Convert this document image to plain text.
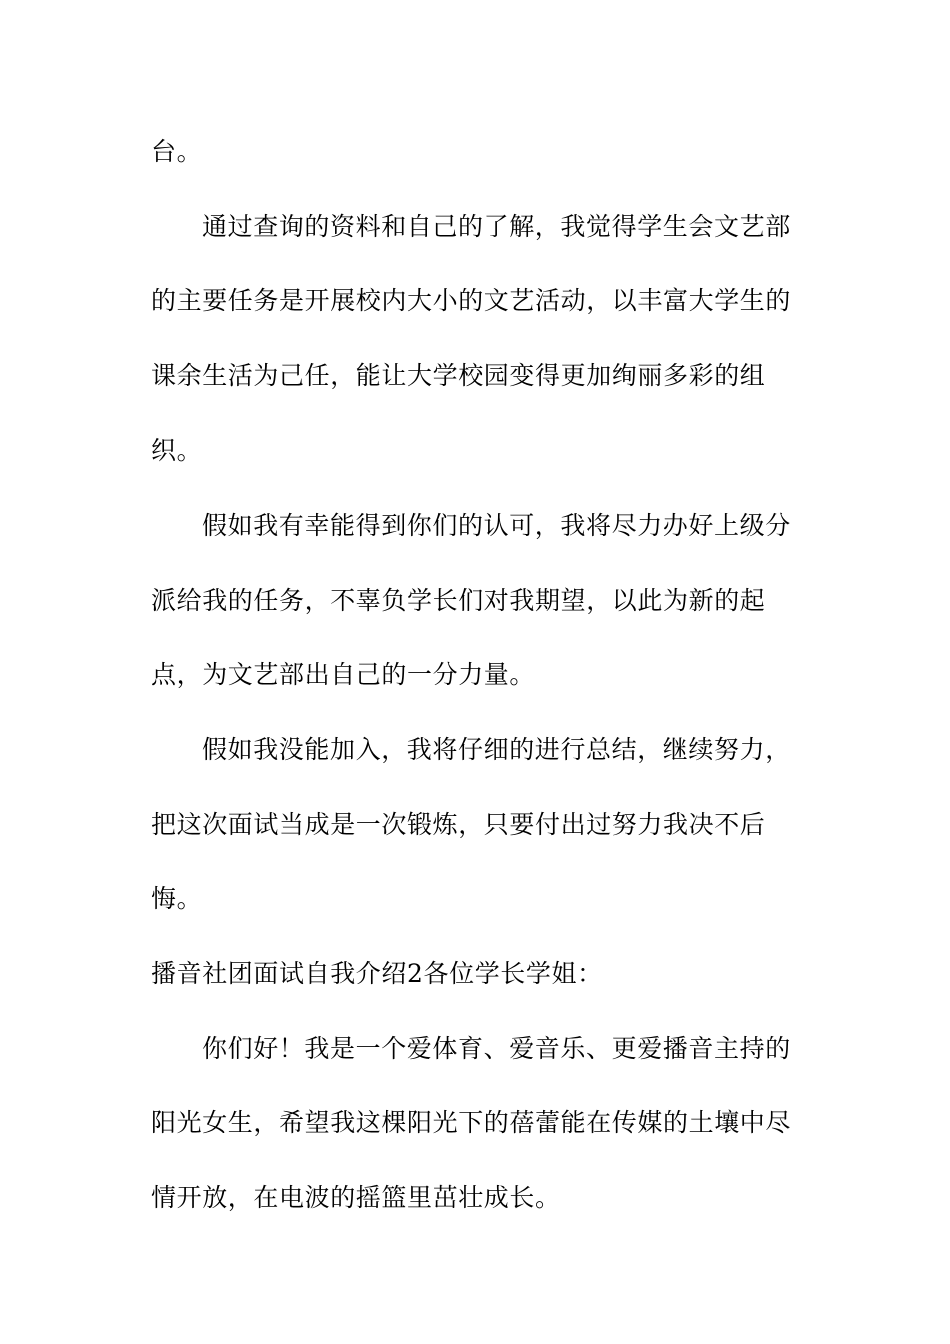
台。
通过查询的资料和自己的了解，我觉得学生会文艺部
的主要任务是开展校内大小的文艺活动，以丰富大学生的
课余生活为己任，能让大学校园变得更加绚丽多彩的组
织。
假如我有幸能得到你们的认可，我将尽力办好上级分
派给我的任务，不辜负学长们对我期望，以此为新的起
点，为文艺部出自己的一分力量。
假如我没能加入，我将仔细的进行总结，继续努力，
把这次面试当成是一次锻炼，只要付出过努力我决不后
悔。
播音社团面试自我介绍2各位学长学姐：
你们好！我是一个爱体育、爱音乐、更爱播音主持的
阳光女生，希望我这棵阳光下的蓓蕾能在传媒的土壤中尽
情开放，在电波的摇篮里茁壮成长。
